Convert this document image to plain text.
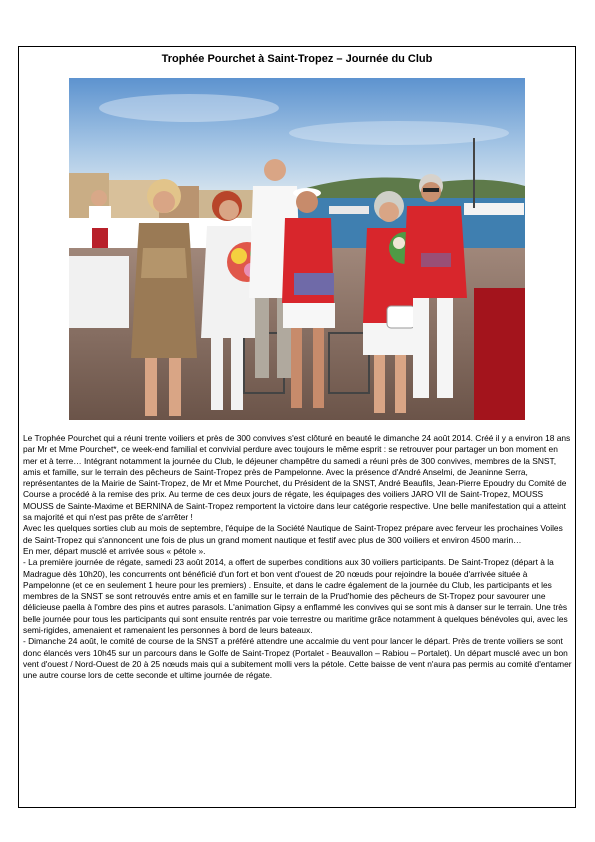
Trophée Pourchet à Saint-Tropez – Journée du Club

Le Trophée Pourchet qui a réuni trente voiliers et près de 300 convives s'est clôturé en beauté le dimanche 24 août 2014. Créé il y a environ 18 ans par Mr et Mme Pourchet*, ce week-end familial et convivial perdure avec toujours le même esprit : se retrouver pour partager un bon moment en mer et à terre… Intégrant notamment la journée du Club, le déjeuner champêtre du samedi a réuni près de 300 convives, membres de la SNST, amis et famille, sur le terrain des pêcheurs de Saint-Tropez près de Pampelonne. Avec la présence d'André Anselmi, de Jeaninne Serra, représentantes de la Mairie de Saint-Tropez, de Mr et Mme Pourchet, du Président de la SNST, André Beaufils, Jean-Pierre Epoudry du Comité de Course a procédé à la remise des prix. Au terme de ces deux jours de régate, les équipages des voiliers JARO VII de Saint-Tropez, MOUSS MOUSS de Sainte-Maxime et BERNINA de Saint-Tropez remportent la victoire dans leur catégorie respective. Une belle manifestation qui a atteint sa majorité et qui n'est pas prête de s'arrêter !

Avec les quelques sorties club au mois de septembre, l'équipe de la Société Nautique de Saint-Tropez prépare avec ferveur les prochaines Voiles de Saint-Tropez qui s'annoncent une fois de plus un grand moment nautique et festif avec plus de 300 voiliers et environ 4500 marin…

En mer, départ musclé et arrivée sous « pétole ».

- La première journée de régate, samedi 23 août 2014, a offert de superbes conditions aux 30 voiliers participants. De Saint-Tropez (départ à la Madrague dès 10h20), les concurrents ont bénéficié d'un fort et bon vent d'ouest de 20 nœuds pour rejoindre la bouée d'arrivée située à Pampelonne (et ce en seulement 1 heure pour les premiers) . Ensuite, et dans le cadre également de la journée du Club, les participants et les membres de la SNST se sont retrouvés entre amis et en famille sur le terrain de la Prud'homie des pêcheurs de St-Tropez pour savourer une délicieuse paella à l'ombre des pins et autres parasols. L'animation Gipsy a enflammé les convives qui se sont mis à danser sur le terrain. Une très belle journée pour tous les participants qui sont ensuite rentrés par voie terrestre ou maritime grâce notamment à quelques bénévoles qui, avec les semi-rigides, amenaient et ramenaient les personnes à bord de leurs bateaux.

- Dimanche 24 août, le comité de course de la SNST a préféré attendre une accalmie du vent pour lancer le départ. Près de trente voiliers se sont donc élancés vers 10h45 sur un parcours dans le Golfe de Saint-Tropez (Portalet - Beauvallon – Rabiou – Portalet). Un départ musclé avec un bon vent d'ouest / Nord-Ouest de 20 à 25 nœuds mais qui a subitement molli vers la pétole. Cette baisse de vent n'aura pas permis au comité d'entamer une autre course lors de cette seconde et ultime journée de régate.
